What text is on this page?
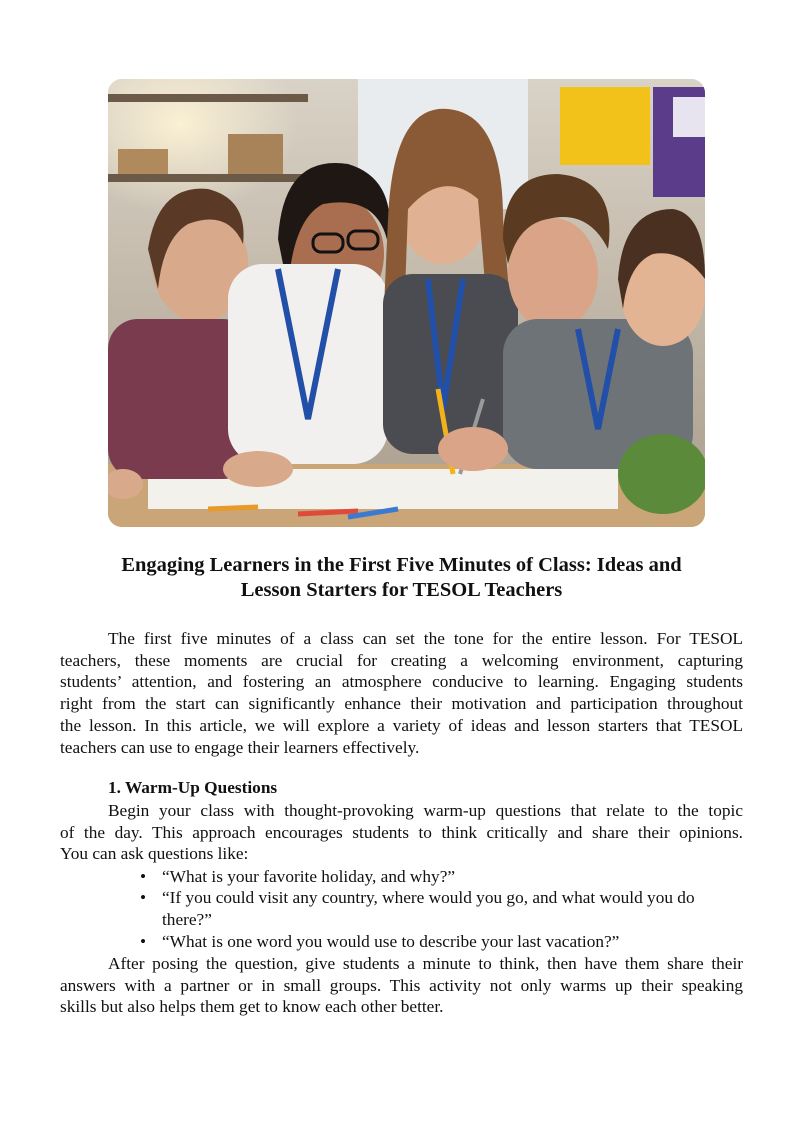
Engaging Learners in the First Five Minutes of Class: Ideas and
Lesson Starters for TESOL Teachers

The first five minutes of a class can set the tone for the entire lesson. For TESOL
teachers, these moments are crucial for creating a welcoming environment, capturing
students’ attention, and fostering an atmosphere conducive to learning. Engaging students
right from the start can significantly enhance their motivation and participation throughout
the lesson. In this article, we will explore a variety of ideas and lesson starters that TESOL
teachers can use to engage their learners effectively.

1. Warm-Up Questions

Begin your class with thought-provoking warm-up questions that relate to the topic
of the day. This approach encourages students to think critically and share their opinions.
You can ask questions like:

• “What is your favorite holiday, and why?”
• “If you could visit any country, where would you go, and what would you do
there?”
• “What is one word you would use to describe your last vacation?”

After posing the question, give students a minute to think, then have them share their
answers with a partner or in small groups. This activity not only warms up their speaking
skills but also helps them get to know each other better.
